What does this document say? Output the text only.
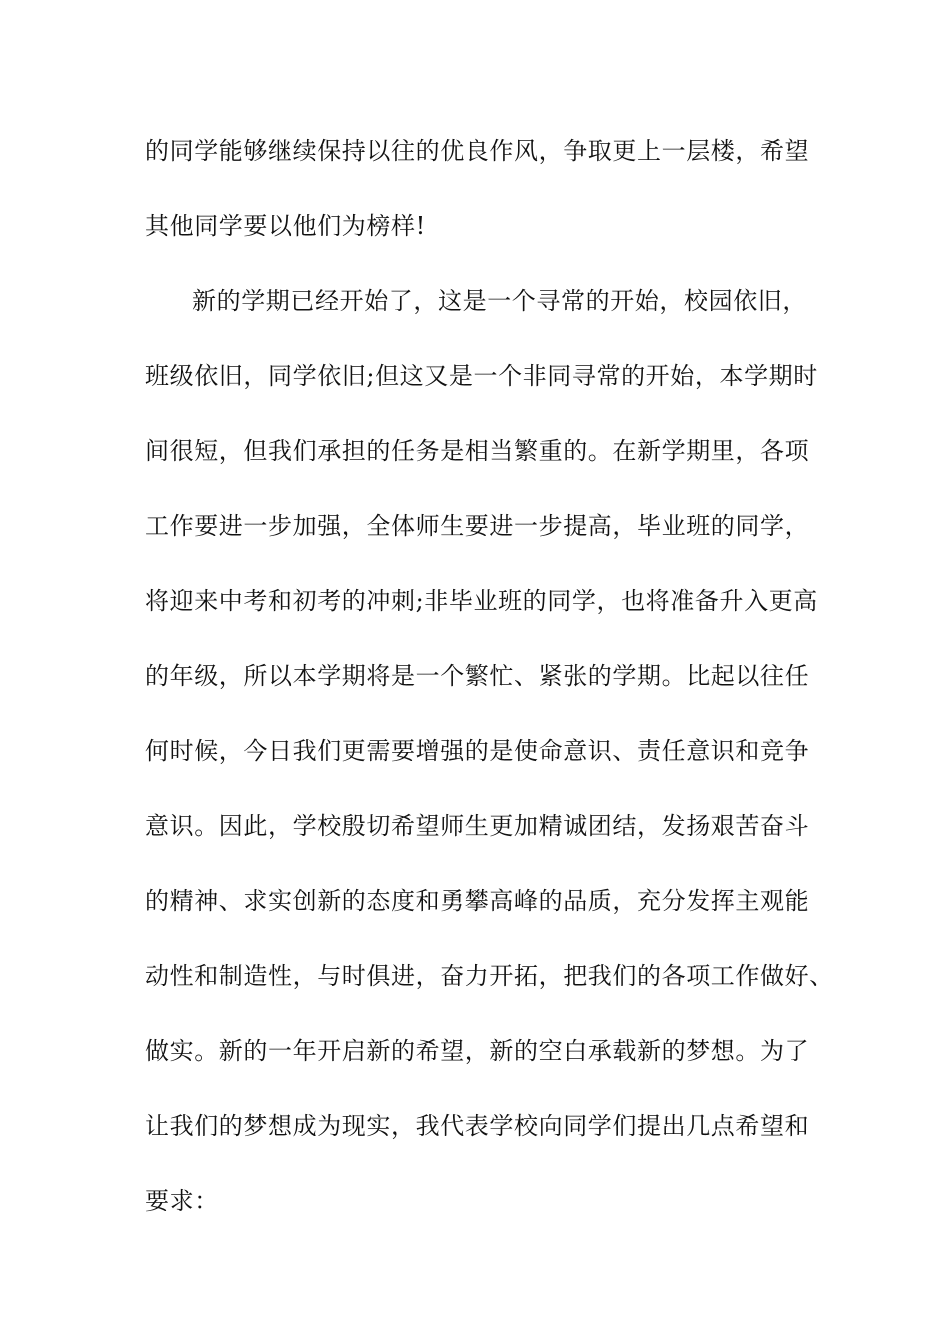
的同学能够继续保持以往的优良作风，争取更上一层楼，希望
其他同学要以他们为榜样!
新的学期已经开始了，这是一个寻常的开始，校园依旧，
班级依旧，同学依旧;但这又是一个非同寻常的开始，本学期时
间很短，但我们承担的任务是相当繁重的。在新学期里，各项
工作要进一步加强，全体师生要进一步提高，毕业班的同学，
将迎来中考和初考的冲刺;非毕业班的同学，也将准备升入更高
的年级，所以本学期将是一个繁忙、紧张的学期。比起以往任
何时候，今日我们更需要增强的是使命意识、责任意识和竞争
意识。因此，学校殷切希望师生更加精诚团结，发扬艰苦奋斗
的精神、求实创新的态度和勇攀高峰的品质，充分发挥主观能
动性和制造性，与时俱进，奋力开拓，把我们的各项工作做好、
做实。新的一年开启新的希望，新的空白承载新的梦想。为了
让我们的梦想成为现实，我代表学校向同学们提出几点希望和
要求：
